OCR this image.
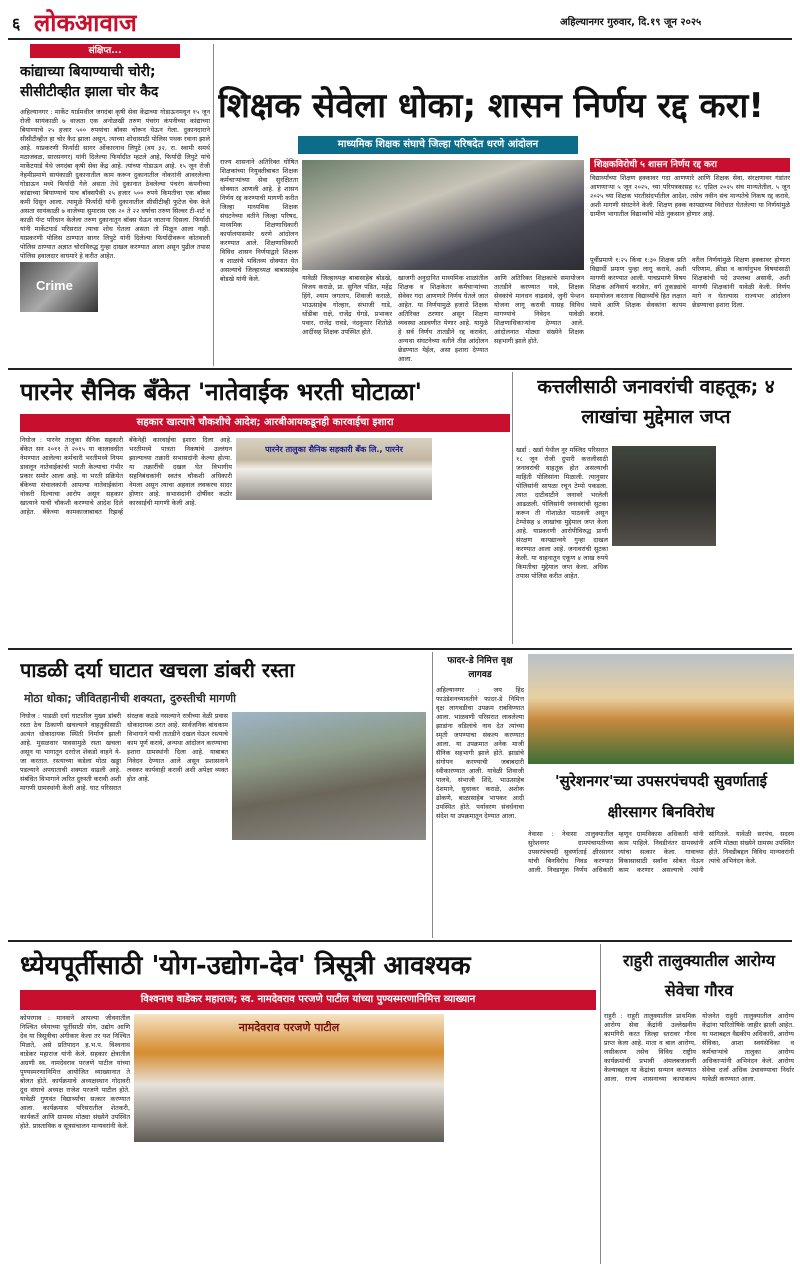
६ लोकआवाज	अहिल्यानगर गुरुवार, दि.१९ जून २०२५
संक्षिप्त...
कांद्याच्या बियाण्याची चोरी; सीसीटीव्हीत झाला चोर कैद
Crime
अहिल्यानगर : मार्केट यार्डमधील जगदंबा कृषी सेवा केंद्राच्या गोडाऊनमधून १५ जून रोजी सायंकाळी ७ वाजता एक अनोळखी तरुण पंचरंग कंपनीच्या कांद्याच्या बियाण्याचे २५ हजार ५०० रुपयांचा बॉक्स चोरून घेऊन गेला. दुकानदाराने सीसीटीव्हीत हा चोर कैद झाला असून, त्याच्या शोधासाठी पोलिस पथक रवाना झाले आहे. याप्रकरणी फिर्यादी सागर ओंकारनाथ लिपुटे (वय ३२, रा. स्वामी समर्थ मठाजवळ, सारसनगर) यांनी दिलेल्या फिर्यादीत म्हटले आहे, फिर्यादी लिपुटे यांचे मार्केटयार्ड येथे जगदंबा कृषी सेवा केंद्र आहे. त्यांच्या गोडाऊन आहे. १५ जून रोजी नेहमीप्रमाणे सायंकाळी दुकानातील काम करून दुकानातील नोकरांनी आवरलेल्या गोडाऊन मध्ये फिर्यादी गेले असता तेथे दुकानात ठेवलेल्या पंचरंग कंपनीच्या कांद्याच्या बियाण्याचे पाच बॉक्सपैकी २५ हजार ५०० रुपये किमतीचा एक बॉक्स कमी दिसून आला. त्यामुळे फिर्यादी यांनी दुकानातील सीसीटीव्ही फुटेज चेक केले असता सायंकाळी ७ वाजेच्या सुमारास एक २० ते २२ वर्षाचा तरुण सिल्वर टी-शर्ट व काळी पॅन्ट परिधान केलेला तरुण दुकानातून बॉक्स घेऊन जाताना दिसला. फिर्यादी यांनी मार्केटयार्ड परिसरात त्याचा शोध घेतला असता तो मिळून आला नाही. याप्रकरणी पोलिस ठाण्यात सागर लिपुटे यांनी दिलेल्या फिर्यादीवरून कोतवाली पोलिस ठाण्यात अज्ञात चोराविरुद्ध गुन्हा दाखल करण्यात आला असून पुढील तपास पोलिस हवालदार वाघमारे हे करीत आहेत.
शिक्षक सेवेला धोका; शासन निर्णय रद्द करा!
माध्यमिक शिक्षक संघाचे जिल्हा परिषदेत धरणे आंदोलन
राज्य शासनाने अतिरिक्त घोषित शिक्षकांच्या नियुक्तीबाबत शिक्षक कर्मचाऱ्यांच्या सेवा सुरक्षितता धोक्यात आणली आहे. हे शासन निर्णय रद्द करण्याची मागणी करीत जिल्हा माध्यमिक शिक्षक संघटनेच्या वतीने जिल्हा परिषद, माध्यमिक शिक्षणाधिकारी कार्यालयासमोर धरणे आंदोलन करण्यात आले. शिक्षणाधिकारी विविध शासन निर्णयाद्वारे शिक्षक व शाळांचे भवितव्य धोक्यात येत असल्याचे जिल्हाध्यक्ष बाबासाहेब बोडखे यांनी केले.	यावेळी जिल्हाध्यक्ष बाबासाहेब बोडखे, विजय कराळे, प्रा. सुनिल पंडित, महेंद्र हिंगे, श्याम जगताप, शिवाजी कराळे, भाऊसाहेब गोल्हार, संभाजी गाडे, धोंडीबा राक्षे, राजेंद्र घेगडे, प्रभाकर पवार, राजेंद्र रावडे, नंदकुमार शितोळे आदींसह शिक्षक उपस्थित होते.
खाजगी अनुदानित माध्यमिक शाळांतील शिक्षक व शिक्षकेतर कर्मचाऱ्यांच्या सेवेवर गदा आणणारे निर्णय घेतले जात आहेत. या निर्णयामुळे हजारो शिक्षक अतिरिक्त ठरणार असून शिक्षण व्यवस्था अडचणीत येणार आहे. यामुळे हे सर्व निर्णय तातडीने रद्द करावेत, अन्यथा संघटनेच्या वतीने तीव्र आंदोलन छेडण्यात येईल, असा इशारा देण्यात आला.
आणि अतिरिक्त शिक्षकांचे समायोजन तातडीने करण्यात यावे, शिक्षक सेवकांचे मानधन वाढवावे, जुनी पेन्शन योजना लागू करावी यासह विविध मागण्यांचे निवेदन यावेळी शिक्षणाधिकाऱ्यांना देण्यात आले. आंदोलनात मोठ्या संख्येने शिक्षक सहभागी झाले होते.
शिक्षकविरोधी ५ शासन निर्णय रद्द करा
विद्यार्थ्यांच्या शिक्षण हक्कावर गदा आणणारे आणि शिक्षक सेवा, संरक्षणावर गंडांतर आणणाऱ्या ५ जून २०२५, च्या परिपत्रकासह १८ एप्रिल २०२५ संच मान्यतेतील, ५ जून २०२५ च्या शिक्षक भरतीसंदर्भातील आदेश, तसेच नवीन संच मान्यतेचे निकष रद्द करावे, अशी मागणी संघटनेने केली. शिक्षण हक्क कायद्याच्या विरोधात घेतलेल्या या निर्णयांमुळे ग्रामीण भागातील विद्यार्थ्यांचे मोठे नुकसान होणार आहे.
पूर्वीप्रमाणे १:२५ किंवा १:३० शिक्षक प्रति विद्यार्थी प्रमाण पुन्हा लागू करावे, अशी मागणी करण्यात आली. याचप्रमाणे विषय शिक्षक अनिवार्य करावेत, वर्ग तुकड्यांचे समायोजन करताना विद्यार्थ्यांचे हित लक्षात घ्यावे आणि शिक्षक सेवकांना कायम करावे.
वरील निर्णयांमुळे शिक्षण हक्कावर होणारा परिणाम, क्रीडा व कार्यानुभव विषयांसाठी शिक्षकांची पदे उपलब्ध असावी, अशी मागणी शिक्षकांनी यावेळी केली. निर्णय मागे न घेतल्यास राज्यभर आंदोलन छेडण्याचा इशारा दिला.
पारनेर सैनिक बँकेत 'नातेवाईक भरती घोटाळा'
सहकार खात्याचे चौकशीचे आदेश; आरबीआयकडूनही कारवाईचा इशारा
निघोज : पारनेर तालुका सैनिक सहकारी बँकेत सन २०११ ते २०१५ या कालावधीत नेमण्यात आलेल्या कर्मचारी भरतीमध्ये नियम डावलून नातेवाईकांची भरती केल्याचा गंभीर प्रकार समोर आला आहे. या भरती प्रक्रियेत बँकेच्या संचालकांनी आपल्या नातेवाईकांना नोकरी दिल्याचा आरोप असून सहकार खात्याने याची चौकशी करण्याचे आदेश दिले आहेत. बँकेच्या कामकाजाबाबत रिझर्व्ह बँकेनेही कारवाईचा इशारा दिला आहे. भरतीमध्ये पात्रता निकषांचे उल्लंघन झाल्याच्या तक्रारी सभासदांनी केल्या होत्या. या तक्रारींची दखल घेत विभागीय सहनिबंधकांनी स्वतंत्र चौकशी अधिकारी नेमला असून त्याचा अहवाल लवकरच सादर होणार आहे. सभासदांनी दोषींवर कठोर कारवाईची मागणी केली आहे.
पारनेर तालुका सैनिक सहकारी बँक लि., पारनेर
कत्तलीसाठी जनावरांची वाहतूक; ४ लाखांचा मुद्देमाल जप्त
खर्डा : खर्डा येथील नूर मस्जिद परिसरात १८ जून रोजी दुपारी कत्तलीसाठी जनावरांची वाहतूक होत असल्याची माहिती पोलिसांना मिळाली. त्यानुसार पोलिसांनी सापळा रचून टेम्पो पकडला. त्यात दाटीवाटीने जनावरे भरलेली आढळली. पोलिसांनी जनावरांची सुटका करून ती गोशाळेत पाठवली असून टेम्पोसह ४ लाखांचा मुद्देमाल जप्त केला आहे. याप्रकरणी आरोपीविरुद्ध प्राणी संरक्षण कायद्यान्वये गुन्हा दाखल करण्यात आला आहे. जनावरांची सुटका केली. या वाहनातून एकूण ४ लाख रुपये किमतीचा मुद्देमाल जप्त केला. अधिक तपास पोलिस करीत आहेत.
पाडळी दर्या घाटात खचला डांबरी रस्ता
मोठा धोका; जीवितहानीची शक्यता, दुरुस्तीची मागणी
निघोज : पाडळी दर्या घाटातील मुख्य डांबरी रस्ता ठेच ठिकाणी खचल्याने वाहतुकीसाठी अत्यंत धोकादायक स्थिती निर्माण झाली आहे. मुसळधार पावसामुळे रस्ता खचला असून या भागातून दररोज शेकडो वाहने ये-जा करतात. रस्त्याच्या कडेला मोठा खड्डा पडल्याने अपघाताची शक्यता वाढली आहे. संबंधित विभागाने त्वरित दुरुस्ती करावी अशी मागणी ग्रामस्थांनी केली आहे. घाट परिसरात संरक्षक कठडे नसल्याने रात्रीच्या वेळी प्रवास धोकादायक ठरत आहे. सार्वजनिक बांधकाम विभागाने याची तातडीने दखल घेऊन रस्त्याचे काम पूर्ण करावे, अन्यथा आंदोलन करण्याचा इशारा ग्रामस्थांनी दिला आहे. याबाबत निवेदन देण्यात आले असून प्रशासनाने लवकर कार्यवाही करावी अशी अपेक्षा व्यक्त होत आहे.
फादर-डे निमित्त वृक्ष लागवड
अहिल्यानगर : जय हिंद फाउंडेशनच्यावतीने फादर-डे निमित्त वृक्ष लागवडीचा उपक्रम राबविण्यात आला. भाळवणी परिसरात लावलेल्या झाडांना वडिलांचे नाव देत त्यांच्या स्मृती जपण्याचा संकल्प करण्यात आला. या उपक्रमात अनेक माजी सैनिक सहभागी झाले होते. झाडांचे संगोपन करण्याची जबाबदारी स्वीकारण्यात आली. यावेळी शिवाजी पालवे, संभाजी शिंदे, भाऊसाहेब देशमाने, सुधाकर कराळे, अशोक ढोकणे, बाळासाहेब भापकर आदी उपस्थित होते. पर्यावरण संवर्धनाचा संदेश या उपक्रमातून देण्यात आला.
'सुरेशनगर'च्या उपसरपंचपदी सुवर्णाताई क्षीरसागर बिनविरोध
नेवासा : नेवासा तालुक्यातील सुरेशनगर ग्रामपंचायतीच्या उपसरपंचपदी सुवर्णाताई क्षीरसागर यांची बिनविरोध निवड करण्यात आली. निवडणूक निर्णय अधिकारी म्हणून ग्रामविकास अधिकारी यांनी काम पाहिले. निवडीनंतर ग्रामस्थांनी त्यांचा सत्कार केला. गावाच्या विकासासाठी सर्वांना सोबत घेऊन काम करणार असल्याचे त्यांनी सांगितले. यावेळी सरपंच, सदस्य आणि मोठ्या संख्येने ग्रामस्थ उपस्थित होते. निवडीबद्दल विविध मान्यवरांनी त्यांचे अभिनंदन केले.
ध्येयपूर्तीसाठी 'योग-उद्योग-देव' त्रिसूत्री आवश्यक
विश्वनाथ वाडेकर महाराज; स्व. नामदेवराव परजणे पाटील यांच्या पुण्यस्मरणानिमित्त व्याख्यान
कोपरगाव : मानवाने आपल्या जीवनातील निश्चित ध्येयाच्या पूर्तीसाठी योग, उद्योग आणि देव या त्रिसूत्रीचा अंगीकार केला तर यश निश्चित मिळते, असे प्रतिपादन ह.भ.प. विश्वनाथ वाडेकर महाराज यांनी केले. सहकार क्षेत्रातील अग्रणी स्व. नामदेवराव परजणे पाटील यांच्या पुण्यस्मरणानिमित्त आयोजित व्याख्यानात ते बोलत होते. कार्यक्रमाचे अध्यक्षस्थान गोदावरी दूध संघाचे अध्यक्ष राजेश परजणे पाटील होते. यावेळी गुणवंत विद्यार्थ्यांचा सत्कार करण्यात आला. कार्यक्रमास परिसरातील शेतकरी, कार्यकर्ते आणि ग्रामस्थ मोठ्या संख्येने उपस्थित होते. प्रास्ताविक व सूत्रसंचालन मान्यवरांनी केले.
नामदेवराव परजणे पाटील
राहुरी तालुक्यातील आरोग्य सेवेचा गौरव
राहुरी : राहुरी तालुक्यातील प्राथमिक आरोग्य सेवा केंद्रांनी उल्लेखनीय कामगिरी करत जिल्हा स्तरावर गौरव प्राप्त केला आहे. माता व बाल आरोग्य, लसीकरण तसेच विविध राष्ट्रीय कार्यक्रमांची प्रभावी अंमलबजावणी केल्याबद्दल या केंद्रांचा सन्मान करण्यात आला. राज्य शासनाच्या कायाकल्प योजनेत राहुरी तालुक्यातील आरोग्य केंद्रांना पारितोषिके जाहीर झाली आहेत. या यशाबद्दल वैद्यकीय अधिकारी, आरोग्य सेविका, आशा स्वयंसेविका व कर्मचाऱ्यांचे तालुका आरोग्य अधिकाऱ्यांनी अभिनंदन केले. आरोग्य सेवेचा दर्जा अधिक उंचावण्याचा निर्धार यावेळी करण्यात आला.
